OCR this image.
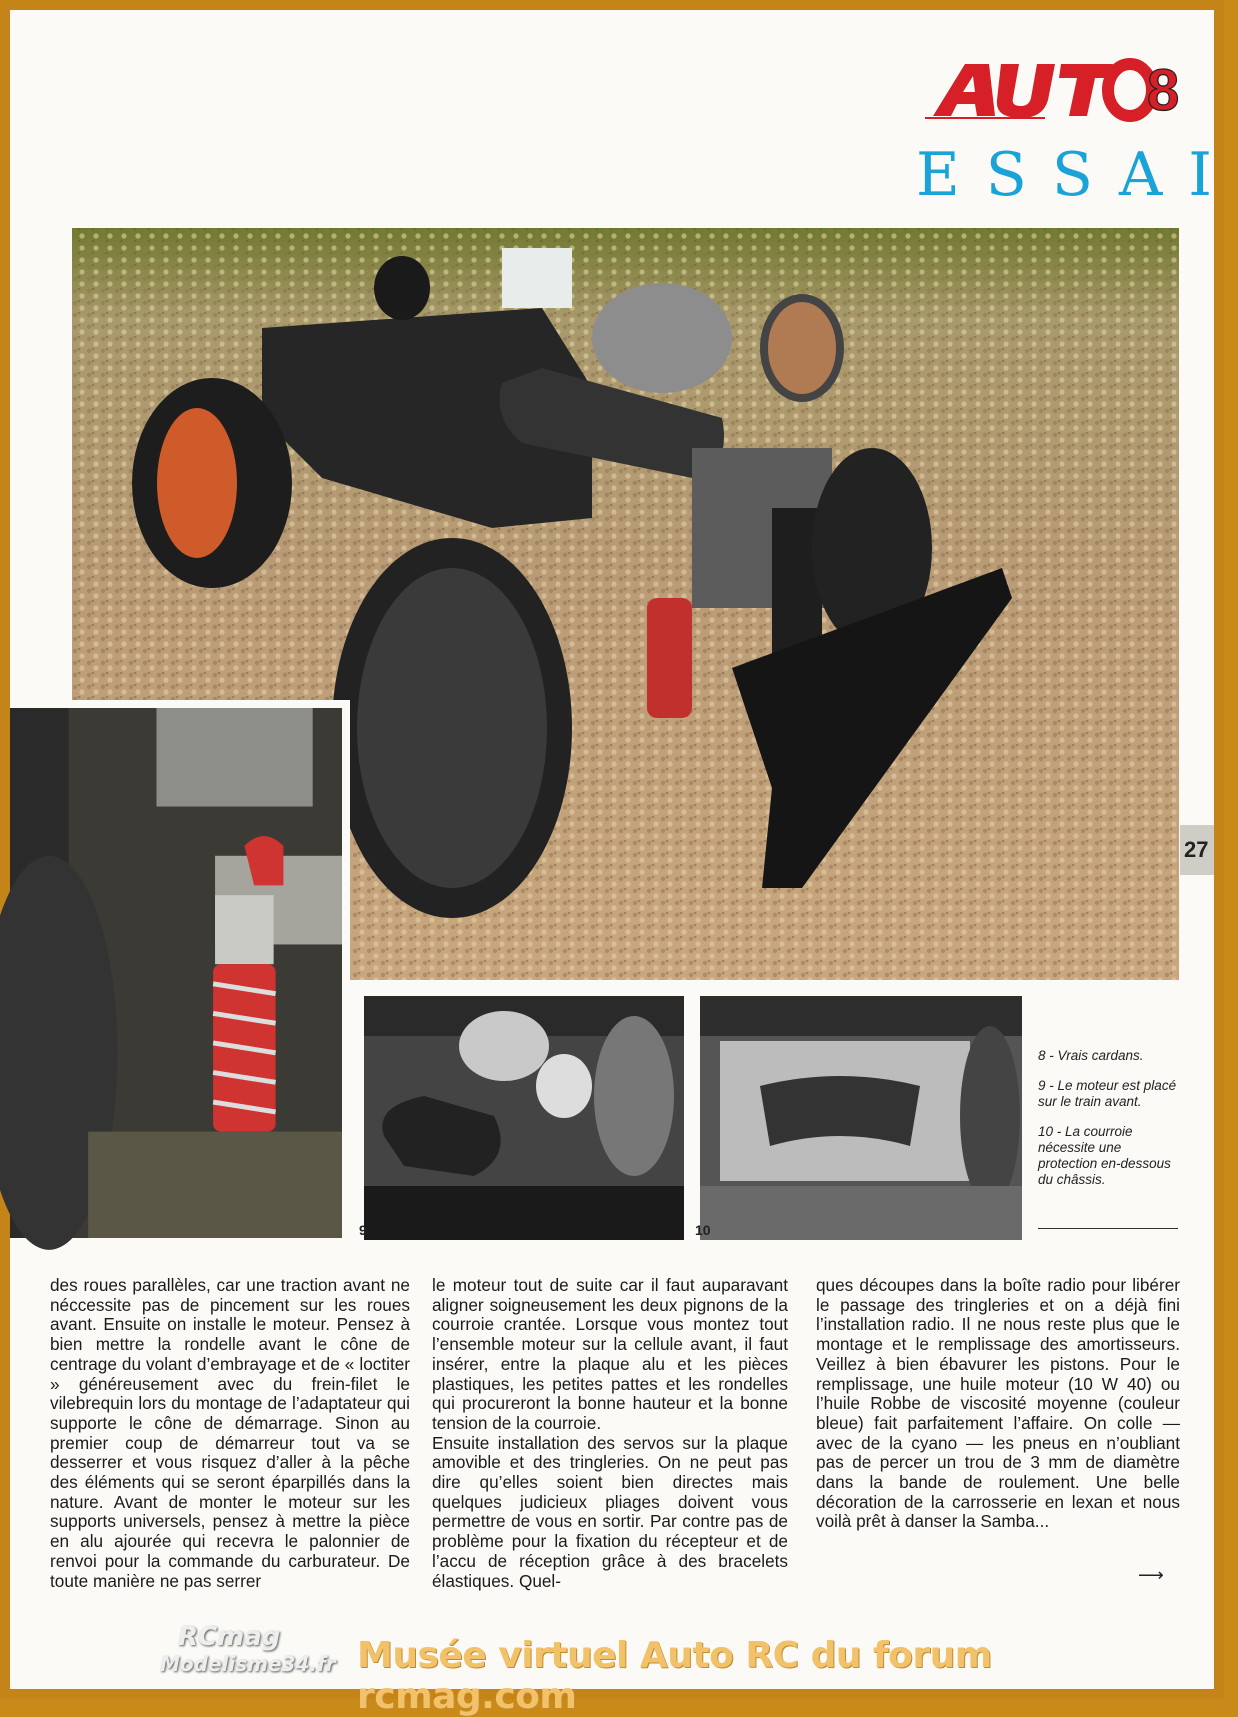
8
ESSAI
9	10
27

8 - Vrais cardans.

9 - Le moteur est placé sur le train avant.

10 - La courroie nécessite une protection en-dessous du châssis.

des roues parallèles, car une traction avant ne néccessite pas de pincement sur les roues avant. Ensuite on installe le moteur. Pensez à bien mettre la rondelle avant le cône de centrage du volant d’embrayage et de « loctiter » généreusement avec du frein-filet le vilebrequin lors du montage de l’adaptateur qui supporte le cône de démarrage. Sinon au premier coup de démarreur tout va se desserrer et vous risquez d’aller à la pêche des éléments qui se seront éparpillés dans la nature. Avant de monter le moteur sur les supports universels, pensez à mettre la pièce en alu ajourée qui recevra le palonnier de renvoi pour la commande du carburateur. De toute manière ne pas serrer

le moteur tout de suite car il faut auparavant aligner soigneusement les deux pignons de la courroie crantée. Lorsque vous montez tout l’ensemble moteur sur la cellule avant, il faut insérer, entre la plaque alu et les pièces plastiques, les petites pattes et les rondelles qui procureront la bonne hauteur et la bonne tension de la courroie.

Ensuite installation des servos sur la plaque amovible et des tringleries. On ne peut pas dire qu’elles soient bien directes mais quelques judicieux pliages doivent vous permettre de vous en sortir. Par contre pas de problème pour la fixation du récepteur et de l’accu de réception grâce à des bracelets élastiques. Quel-

ques découpes dans la boîte radio pour libérer le passage des tringleries et on a déjà fini l’installation radio. Il ne nous reste plus que le montage et le remplissage des amortisseurs. Veillez à bien ébavurer les pistons. Pour le remplissage, une huile moteur (10 W 40) ou l’huile Robbe de viscosité moyenne (couleur bleue) fait parfaitement l’affaire. On colle — avec de la cyano — les pneus en n’oubliant pas de percer un trou de 3 mm de diamètre dans la bande de roulement. Une belle décoration de la carrosserie en lexan et nous voilà prêt à danser la Samba...

⟶
RCmag
Modelisme34.fr Musée virtuel Auto RC du forum rcmag.com
